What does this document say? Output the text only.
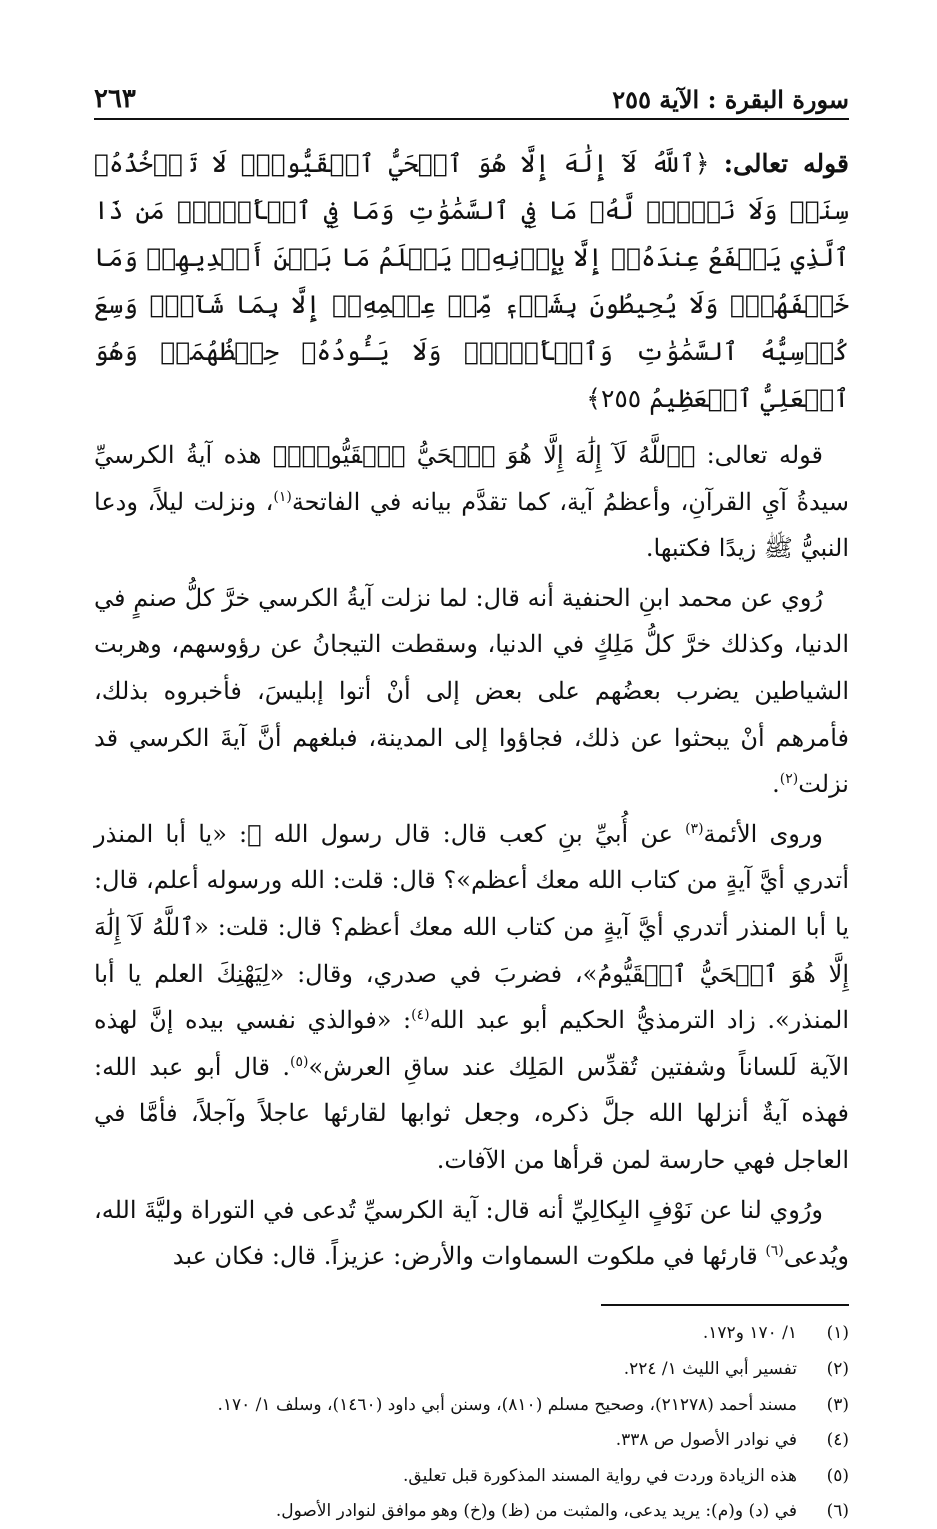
سورة البقرة : الآية ٢٥٥
٢٦٣
قوله تعالى: ﴿ٱللَّهُ لَآ إِلَٰهَ إِلَّا هُوَ ٱلۡحَيُّ ٱلۡقَيُّومُۚ لَا تَأۡخُذُهُۥ سِنَةٞ وَلَا نَوۡمٞۚ لَّهُۥ مَا فِي ٱلسَّمَٰوَٰتِ وَمَا فِي ٱلۡأَرۡضِۗ مَن ذَا ٱلَّذِي يَشۡفَعُ عِندَهُۥٓ إِلَّا بِإِذۡنِهِۦۚ يَعۡلَمُ مَا بَيۡنَ أَيۡدِيهِمۡ وَمَا خَلۡفَهُمۡۖ وَلَا يُحِيطُونَ بِشَيۡءٖ مِّنۡ عِلۡمِهِۦٓ إِلَّا بِمَا شَآءَۚ وَسِعَ كُرۡسِيُّهُ ٱلسَّمَٰوَٰتِ وَٱلۡأَرۡضَۖ وَلَا يَـُٔودُهُۥ حِفۡظُهُمَاۚ وَهُوَ ٱلۡعَلِيُّ ٱلۡعَظِيمُ ٢٥٥﴾

قوله تعالى: ﴿ٱللَّهُ لَآ إِلَٰهَ إِلَّا هُوَ ٱلۡحَيُّ ٱلۡقَيُّومُۚ﴾ هذه آيةُ الكرسيِّ سيدةُ آيِ القرآنِ، وأعظمُ آية، كما تقدَّم بيانه في الفاتحة$^{(١)}$، ونزلت ليلاً، ودعا النبيُّ ﷺ زيدًا فكتبها.

رُوي عن محمد ابنِ الحنفية أنه قال: لما نزلت آيةُ الكرسي خرَّ كلُّ صنمٍ في الدنيا، وكذلك خرَّ كلُّ مَلِكٍ في الدنيا، وسقطت التيجانُ عن رؤوسهم، وهربت الشياطين يضرب بعضُهم على بعض إلى أنْ أتوا إبليسَ، فأخبروه بذلك، فأمرهم أنْ يبحثوا عن ذلك، فجاؤوا إلى المدينة، فبلغهم أنَّ آيةَ الكرسي قد نزلت$^{(٢)}$.

وروى الأئمة$^{(٣)}$ عن أُبيِّ بنِ كعب قال: قال رسول الله ﷺ: «يا أبا المنذر أتدري أيَّ آيةٍ من كتاب الله معك أعظم»؟ قال: قلت: الله ورسوله أعلم، قال: يا أبا المنذر أتدري أيَّ آيةٍ من كتاب الله معك أعظم؟ قال: قلت: «ٱللَّهُ لَآ إِلَٰهَ إِلَّا هُوَ ٱلۡحَيُّ ٱلۡقَيُّومُ»، فضربَ في صدري، وقال: «لِيَهْنِكَ العلم يا أبا المنذر». زاد الترمذيُّ الحكيم أبو عبد الله$^{(٤)}$: «فوالذي نفسي بيده إنَّ لهذه الآية لَلساناً وشفتين تُقدِّس المَلِك عند ساقِ العرش»$^{(٥)}$. قال أبو عبد الله: فهذه آيةٌ أنزلها الله جلَّ ذكره، وجعل ثوابها لقارئها عاجلاً وآجلاً، فأمَّا في العاجل فهي حارسة لمن قرأها من الآفات.

ورُوي لنا عن نَوْفٍ البِكالِيِّ أنه قال: آية الكرسيِّ تُدعى في التوراة وليَّةَ الله، ويُدعى$^{(٦)}$ قارئها في ملكوت السماوات والأرض: عزيزاً. قال: فكان عبد

(١)
١/ ١٧٠ و١٧٢.
(٢)
تفسير أبي الليث ١/ ٢٢٤.
(٣)
مسند أحمد (٢١٢٧٨)، وصحيح مسلم (٨١٠)، وسنن أبي داود (١٤٦٠)، وسلف ١/ ١٧٠.
(٤)
في نوادر الأصول ص ٣٣٨.
(٥)
هذه الزيادة وردت في رواية المسند المذكورة قبل تعليق.
(٦)
في (د) و(م): يريد يدعى، والمثبت من (ظ) و(خ) وهو موافق لنوادر الأصول.
